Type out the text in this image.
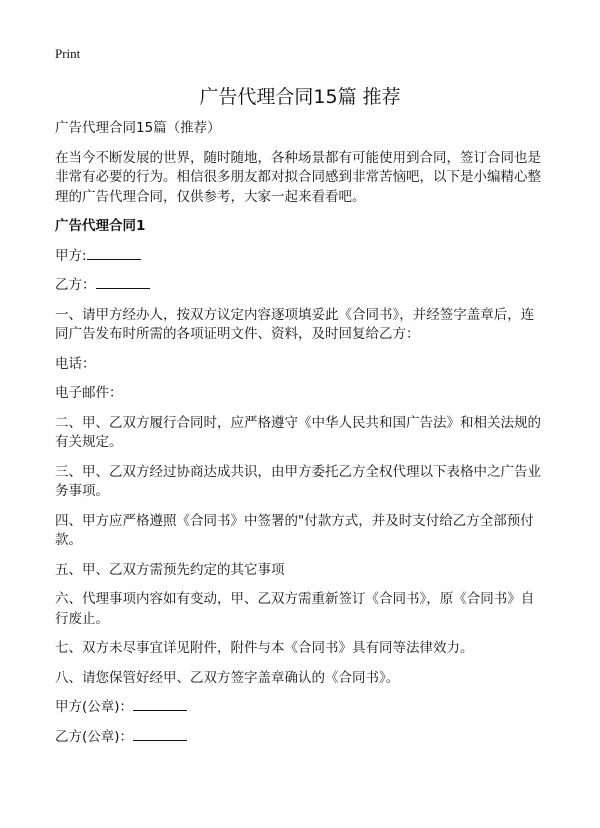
Print
广告代理合同15篇 推荐

广告代理合同15篇（推荐）

在当今不断发展的世界，随时随地，各种场景都有可能使用到合同，签订合同也是
非常有必要的行为。相信很多朋友都对拟合同感到非常苦恼吧，以下是小编精心整
理的广告代理合同，仅供参考，大家一起来看看吧。

广告代理合同1

甲方:

乙方：

一、请甲方经办人，按双方议定内容逐项填妥此《合同书》，并经签字盖章后，连
同广告发布时所需的各项证明文件、资料，及时回复给乙方：

电话：

电子邮件：

二、甲、乙双方履行合同时，应严格遵守《中华人民共和国广告法》和相关法规的
有关规定。

三、甲、乙双方经过协商达成共识，由甲方委托乙方全权代理以下表格中之广告业
务事项。

四、甲方应严格遵照《合同书》中签署的"付款方式，并及时支付给乙方全部预付
款。

五、甲、乙双方需预先约定的其它事项

六、代理事项内容如有变动，甲、乙双方需重新签订《合同书》，原《合同书》自
行废止。

七、双方未尽事宜详见附件，附件与本《合同书》具有同等法律效力。

八、请您保管好经甲、乙双方签字盖章确认的《合同书》。

甲方(公章)：

乙方(公章)：
